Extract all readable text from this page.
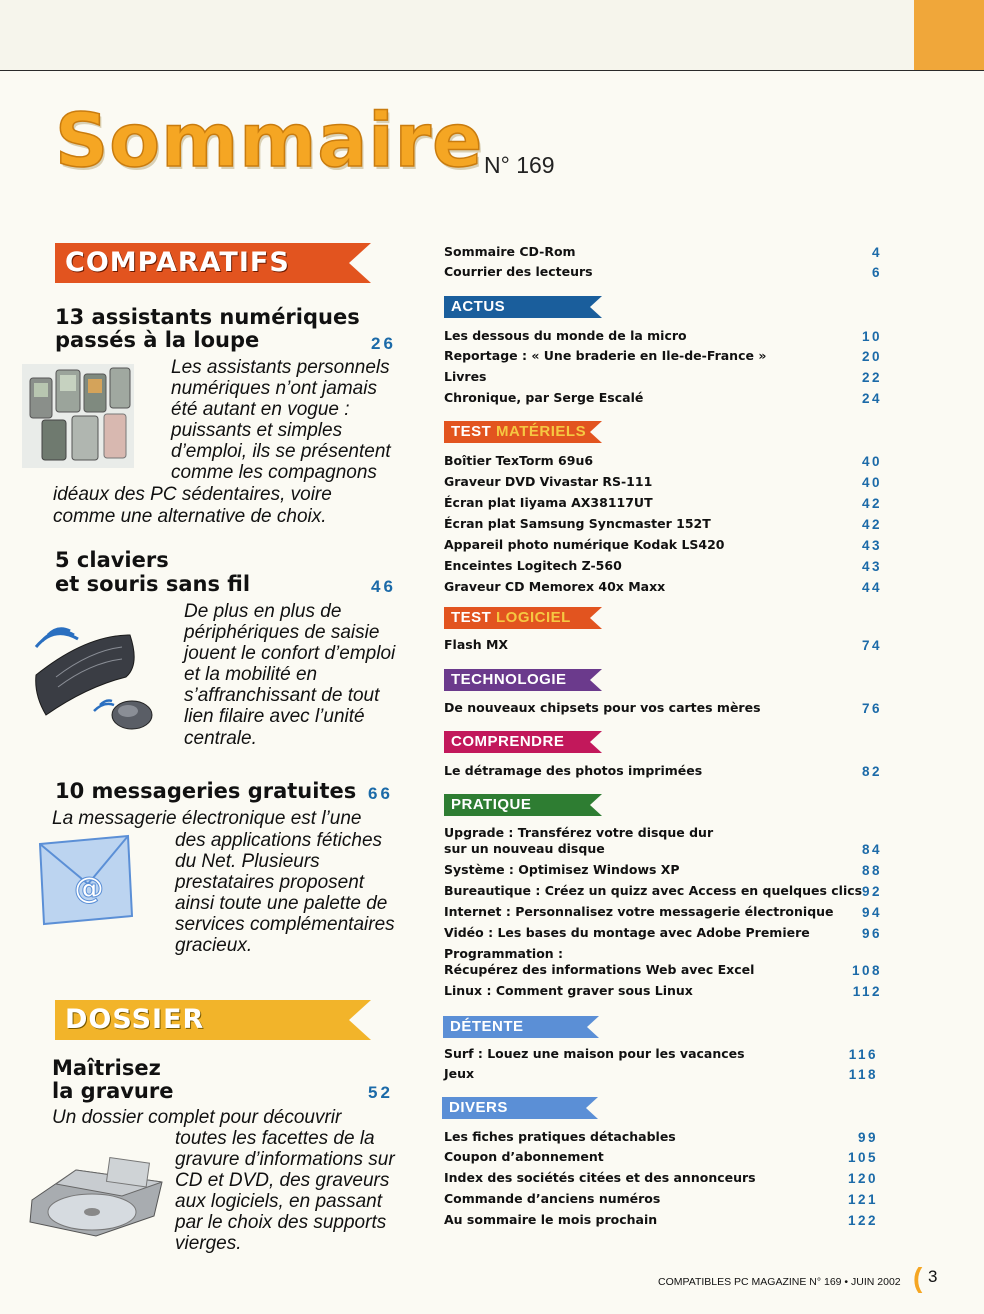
Sommaire N° 169
COMPARATIFS
13 assistants numériques
passés à la loupe	26
Les assistants personnels
numériques n’ont jamais
été autant en vogue :
puissants et simples
d’emploi, ils se présentent
comme les compagnons
idéaux des PC sédentaires, voire
comme une alternative de choix.
5 claviers
et souris sans fil	46
De plus en plus de
périphériques de saisie
jouent le confort d’emploi
et la mobilité en
s’affranchissant de tout
lien filaire avec l’unité
centrale.
10 messageries gratuites 66
La messagerie électronique est l’une
@
des applications fétiches
du Net. Plusieurs
prestataires proposent
ainsi toute une palette de
services complémentaires
gracieux.
DOSSIER
Maîtrisez
la gravure	52
Un dossier complet pour découvrir
toutes les facettes de la
gravure d’informations sur
CD et DVD, des graveurs
aux logiciels, en passant
par le choix des supports
vierges.
Sommaire CD-Rom	4
Courrier des lecteurs	6
ACTUS
Les dessous du monde de la micro	10
Reportage : « Une braderie en Ile-de-France »	20
Livres	22
Chronique, par Serge Escalé	24
TEST MATÉRIELS
Boîtier TexTorm 69u6	40
Graveur DVD Vivastar RS-111	40
Écran plat Iiyama AX38117UT	42
Écran plat Samsung Syncmaster 152T	42
Appareil photo numérique Kodak LS420	43
Enceintes Logitech Z-560	43
Graveur CD Memorex 40x Maxx	44
TEST LOGICIEL
Flash MX	74
TECHNOLOGIE
De nouveaux chipsets pour vos cartes mères	76
COMPRENDRE
Le détramage des photos imprimées	82
PRATIQUE
Upgrade : Transférez votre disque dur
sur un nouveau disque	84
Système : Optimisez Windows XP	88
Bureautique : Créez un quizz avec Access en quelques clics 92
Internet : Personnalisez votre messagerie électronique	94
Vidéo : Les bases du montage avec Adobe Premiere	96
Programmation :
Récupérez des informations Web avec Excel	108
Linux : Comment graver sous Linux	112
DÉTENTE
Surf : Louez une maison pour les vacances	116
Jeux	118
DIVERS
Les fiches pratiques détachables	99
Coupon d’abonnement	105
Index des sociétés citées et des annonceurs	120
Commande d’anciens numéros	121
Au sommaire le mois prochain	122
COMPATIBLES PC MAGAZINE N° 169 • JUIN 2002 ( 3
